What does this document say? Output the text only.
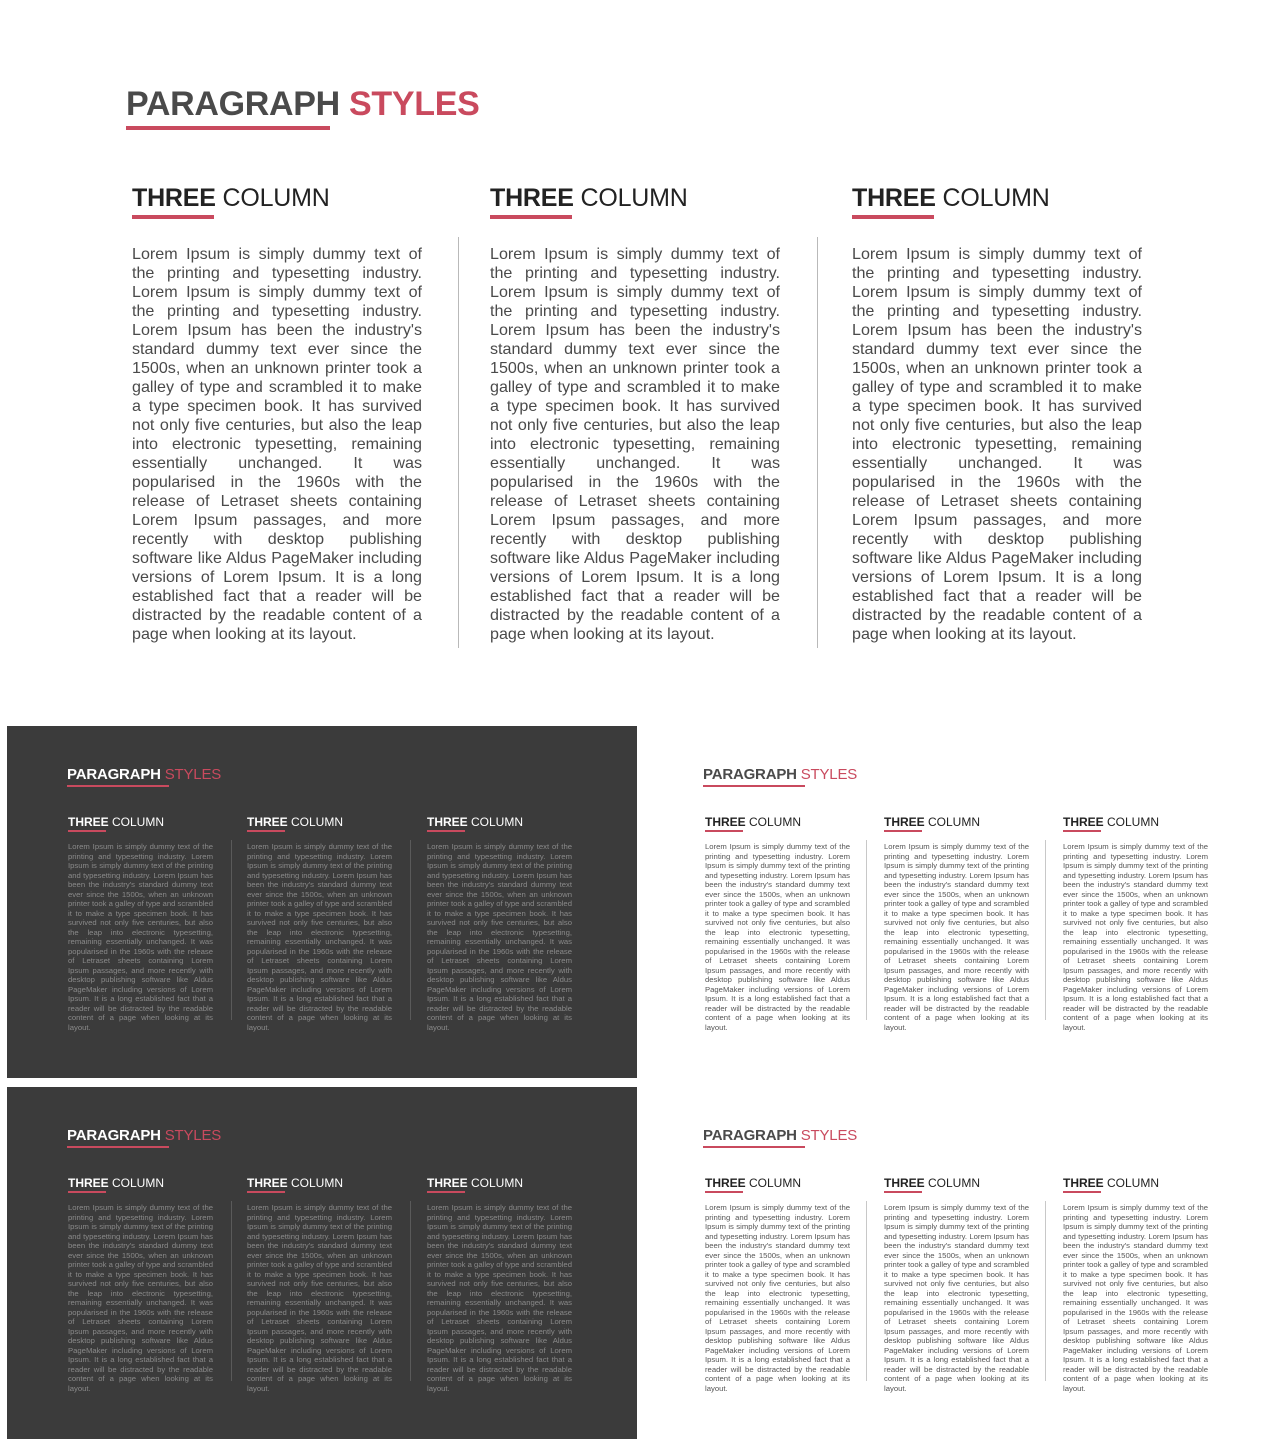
PARAGRAPH STYLES
THREE COLUMN

Lorem Ipsum is simply dummy text of the printing and typesetting industry. Lorem Ipsum is simply dummy text of the printing and typesetting industry. Lorem Ipsum has been the industry's standard dummy text ever since the 1500s, when an unknown printer took a galley of type and scrambled it to make a type specimen book. It has survived not only five centuries, but also the leap into electronic typesetting, remaining essentially unchanged. It was popularised in the 1960s with the release of Letraset sheets containing Lorem Ipsum passages, and more recently with desktop publishing software like Aldus PageMaker including versions of Lorem Ipsum. It is a long established fact that a reader will be distracted by the readable content of a page when looking at its layout.

THREE COLUMN

Lorem Ipsum is simply dummy text of the printing and typesetting industry. Lorem Ipsum is simply dummy text of the printing and typesetting industry. Lorem Ipsum has been the industry's standard dummy text ever since the 1500s, when an unknown printer took a galley of type and scrambled it to make a type specimen book. It has survived not only five centuries, but also the leap into electronic typesetting, remaining essentially unchanged. It was popularised in the 1960s with the release of Letraset sheets containing Lorem Ipsum passages, and more recently with desktop publishing software like Aldus PageMaker including versions of Lorem Ipsum. It is a long established fact that a reader will be distracted by the readable content of a page when looking at its layout.

THREE COLUMN

Lorem Ipsum is simply dummy text of the printing and typesetting industry. Lorem Ipsum is simply dummy text of the printing and typesetting industry. Lorem Ipsum has been the industry's standard dummy text ever since the 1500s, when an unknown printer took a galley of type and scrambled it to make a type specimen book. It has survived not only five centuries, but also the leap into electronic typesetting, remaining essentially unchanged. It was popularised in the 1960s with the release of Letraset sheets containing Lorem Ipsum passages, and more recently with desktop publishing software like Aldus PageMaker including versions of Lorem Ipsum. It is a long established fact that a reader will be distracted by the readable content of a page when looking at its layout.

PARAGRAPH STYLES
THREE COLUMN

Lorem Ipsum is simply dummy text of the printing and typesetting industry. Lorem Ipsum is simply dummy text of the printing and typesetting industry. Lorem Ipsum has been the industry's standard dummy text ever since the 1500s, when an unknown printer took a galley of type and scrambled it to make a type specimen book. It has survived not only five centuries, but also the leap into electronic typesetting, remaining essentially unchanged. It was popularised in the 1960s with the release of Letraset sheets containing Lorem Ipsum passages, and more recently with desktop publishing software like Aldus PageMaker including versions of Lorem Ipsum. It is a long established fact that a reader will be distracted by the readable content of a page when looking at its layout.

THREE COLUMN

Lorem Ipsum is simply dummy text of the printing and typesetting industry. Lorem Ipsum is simply dummy text of the printing and typesetting industry. Lorem Ipsum has been the industry's standard dummy text ever since the 1500s, when an unknown printer took a galley of type and scrambled it to make a type specimen book. It has survived not only five centuries, but also the leap into electronic typesetting, remaining essentially unchanged. It was popularised in the 1960s with the release of Letraset sheets containing Lorem Ipsum passages, and more recently with desktop publishing software like Aldus PageMaker including versions of Lorem Ipsum. It is a long established fact that a reader will be distracted by the readable content of a page when looking at its layout.

THREE COLUMN

Lorem Ipsum is simply dummy text of the printing and typesetting industry. Lorem Ipsum is simply dummy text of the printing and typesetting industry. Lorem Ipsum has been the industry's standard dummy text ever since the 1500s, when an unknown printer took a galley of type and scrambled it to make a type specimen book. It has survived not only five centuries, but also the leap into electronic typesetting, remaining essentially unchanged. It was popularised in the 1960s with the release of Letraset sheets containing Lorem Ipsum passages, and more recently with desktop publishing software like Aldus PageMaker including versions of Lorem Ipsum. It is a long established fact that a reader will be distracted by the readable content of a page when looking at its layout.

PARAGRAPH STYLES
THREE COLUMN

Lorem Ipsum is simply dummy text of the printing and typesetting industry. Lorem Ipsum is simply dummy text of the printing and typesetting industry. Lorem Ipsum has been the industry's standard dummy text ever since the 1500s, when an unknown printer took a galley of type and scrambled it to make a type specimen book. It has survived not only five centuries, but also the leap into electronic typesetting, remaining essentially unchanged. It was popularised in the 1960s with the release of Letraset sheets containing Lorem Ipsum passages, and more recently with desktop publishing software like Aldus PageMaker including versions of Lorem Ipsum. It is a long established fact that a reader will be distracted by the readable content of a page when looking at its layout.

THREE COLUMN

Lorem Ipsum is simply dummy text of the printing and typesetting industry. Lorem Ipsum is simply dummy text of the printing and typesetting industry. Lorem Ipsum has been the industry's standard dummy text ever since the 1500s, when an unknown printer took a galley of type and scrambled it to make a type specimen book. It has survived not only five centuries, but also the leap into electronic typesetting, remaining essentially unchanged. It was popularised in the 1960s with the release of Letraset sheets containing Lorem Ipsum passages, and more recently with desktop publishing software like Aldus PageMaker including versions of Lorem Ipsum. It is a long established fact that a reader will be distracted by the readable content of a page when looking at its layout.

THREE COLUMN

Lorem Ipsum is simply dummy text of the printing and typesetting industry. Lorem Ipsum is simply dummy text of the printing and typesetting industry. Lorem Ipsum has been the industry's standard dummy text ever since the 1500s, when an unknown printer took a galley of type and scrambled it to make a type specimen book. It has survived not only five centuries, but also the leap into electronic typesetting, remaining essentially unchanged. It was popularised in the 1960s with the release of Letraset sheets containing Lorem Ipsum passages, and more recently with desktop publishing software like Aldus PageMaker including versions of Lorem Ipsum. It is a long established fact that a reader will be distracted by the readable content of a page when looking at its layout.

PARAGRAPH STYLES
THREE COLUMN

Lorem Ipsum is simply dummy text of the printing and typesetting industry. Lorem Ipsum is simply dummy text of the printing and typesetting industry. Lorem Ipsum has been the industry's standard dummy text ever since the 1500s, when an unknown printer took a galley of type and scrambled it to make a type specimen book. It has survived not only five centuries, but also the leap into electronic typesetting, remaining essentially unchanged. It was popularised in the 1960s with the release of Letraset sheets containing Lorem Ipsum passages, and more recently with desktop publishing software like Aldus PageMaker including versions of Lorem Ipsum. It is a long established fact that a reader will be distracted by the readable content of a page when looking at its layout.

THREE COLUMN

Lorem Ipsum is simply dummy text of the printing and typesetting industry. Lorem Ipsum is simply dummy text of the printing and typesetting industry. Lorem Ipsum has been the industry's standard dummy text ever since the 1500s, when an unknown printer took a galley of type and scrambled it to make a type specimen book. It has survived not only five centuries, but also the leap into electronic typesetting, remaining essentially unchanged. It was popularised in the 1960s with the release of Letraset sheets containing Lorem Ipsum passages, and more recently with desktop publishing software like Aldus PageMaker including versions of Lorem Ipsum. It is a long established fact that a reader will be distracted by the readable content of a page when looking at its layout.

THREE COLUMN

Lorem Ipsum is simply dummy text of the printing and typesetting industry. Lorem Ipsum is simply dummy text of the printing and typesetting industry. Lorem Ipsum has been the industry's standard dummy text ever since the 1500s, when an unknown printer took a galley of type and scrambled it to make a type specimen book. It has survived not only five centuries, but also the leap into electronic typesetting, remaining essentially unchanged. It was popularised in the 1960s with the release of Letraset sheets containing Lorem Ipsum passages, and more recently with desktop publishing software like Aldus PageMaker including versions of Lorem Ipsum. It is a long established fact that a reader will be distracted by the readable content of a page when looking at its layout.

PARAGRAPH STYLES
THREE COLUMN

Lorem Ipsum is simply dummy text of the printing and typesetting industry. Lorem Ipsum is simply dummy text of the printing and typesetting industry. Lorem Ipsum has been the industry's standard dummy text ever since the 1500s, when an unknown printer took a galley of type and scrambled it to make a type specimen book. It has survived not only five centuries, but also the leap into electronic typesetting, remaining essentially unchanged. It was popularised in the 1960s with the release of Letraset sheets containing Lorem Ipsum passages, and more recently with desktop publishing software like Aldus PageMaker including versions of Lorem Ipsum. It is a long established fact that a reader will be distracted by the readable content of a page when looking at its layout.

THREE COLUMN

Lorem Ipsum is simply dummy text of the printing and typesetting industry. Lorem Ipsum is simply dummy text of the printing and typesetting industry. Lorem Ipsum has been the industry's standard dummy text ever since the 1500s, when an unknown printer took a galley of type and scrambled it to make a type specimen book. It has survived not only five centuries, but also the leap into electronic typesetting, remaining essentially unchanged. It was popularised in the 1960s with the release of Letraset sheets containing Lorem Ipsum passages, and more recently with desktop publishing software like Aldus PageMaker including versions of Lorem Ipsum. It is a long established fact that a reader will be distracted by the readable content of a page when looking at its layout.

THREE COLUMN

Lorem Ipsum is simply dummy text of the printing and typesetting industry. Lorem Ipsum is simply dummy text of the printing and typesetting industry. Lorem Ipsum has been the industry's standard dummy text ever since the 1500s, when an unknown printer took a galley of type and scrambled it to make a type specimen book. It has survived not only five centuries, but also the leap into electronic typesetting, remaining essentially unchanged. It was popularised in the 1960s with the release of Letraset sheets containing Lorem Ipsum passages, and more recently with desktop publishing software like Aldus PageMaker including versions of Lorem Ipsum. It is a long established fact that a reader will be distracted by the readable content of a page when looking at its layout.
